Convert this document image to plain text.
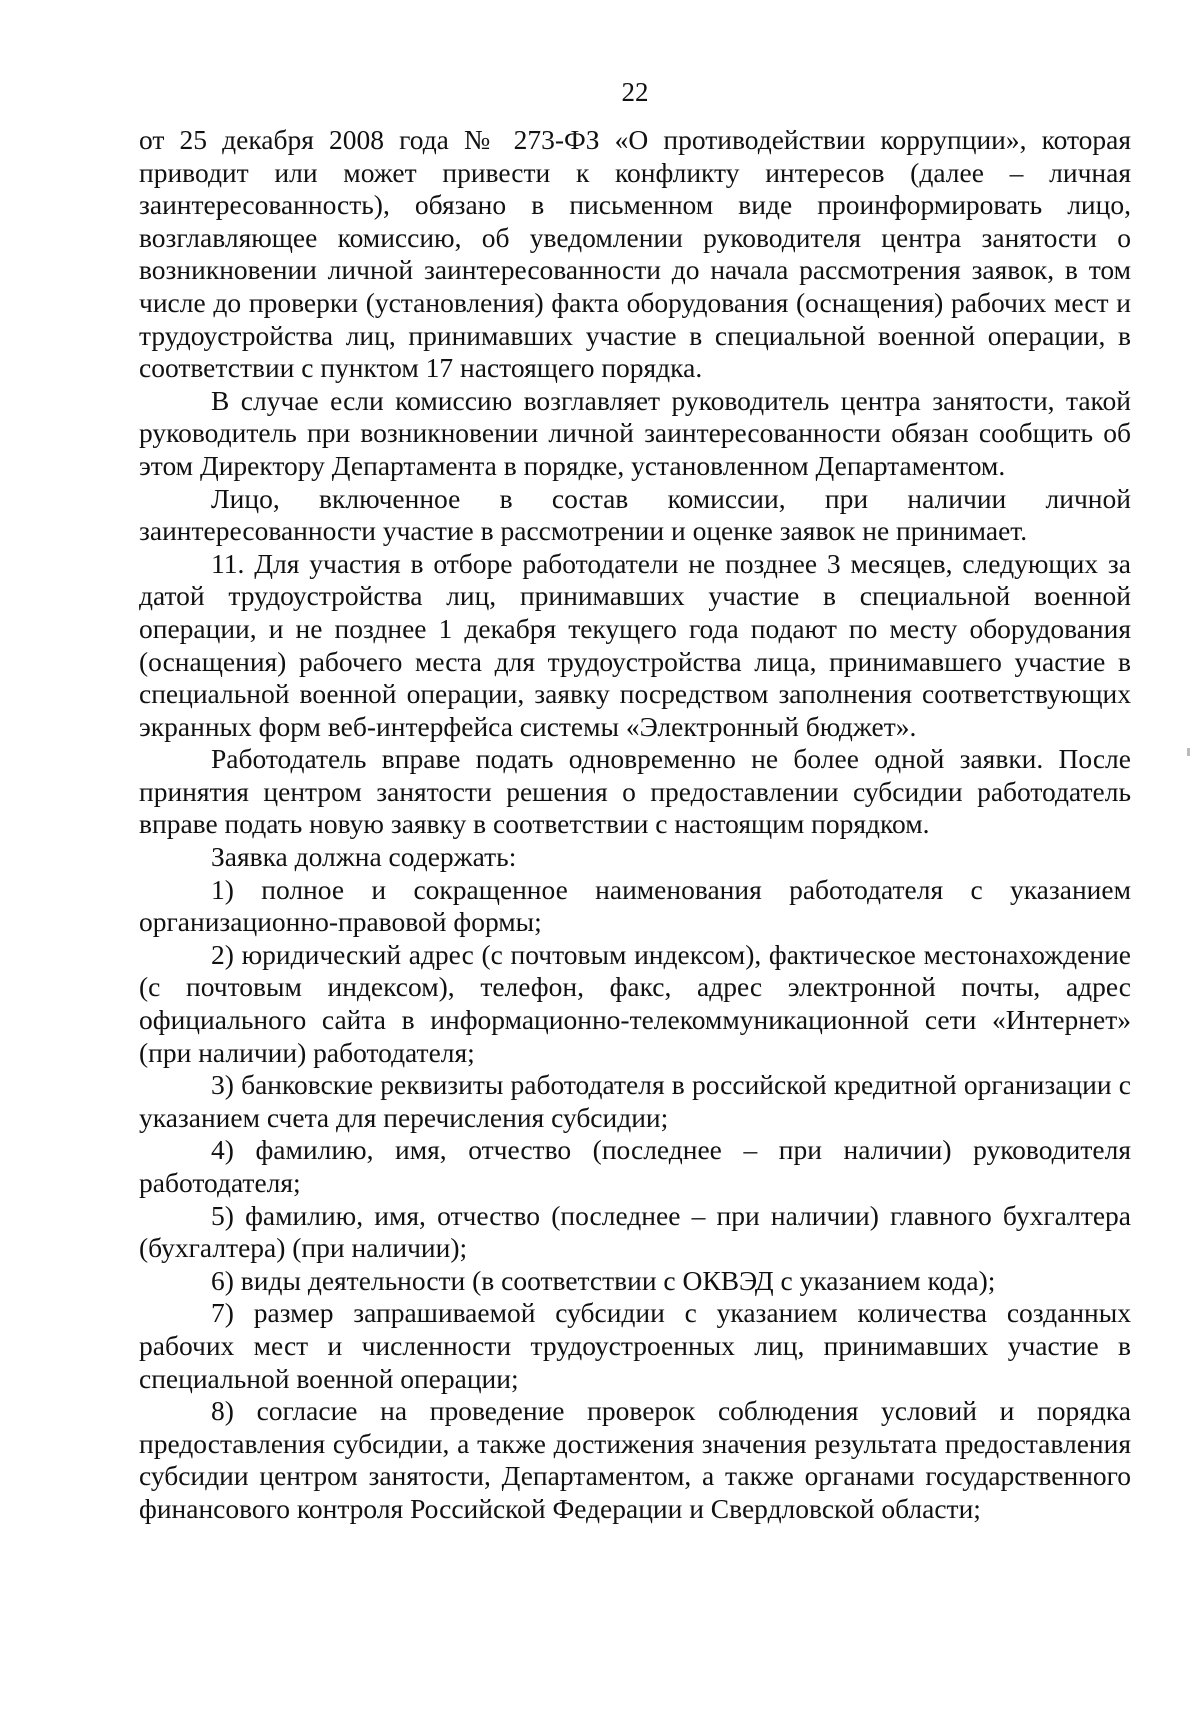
22

от 25 декабря 2008 года № 273-ФЗ «О противодействии коррупции», которая приводит или может привести к конфликту интересов (далее – личная заинтересованность), обязано в письменном виде проинформировать лицо, возглавляющее комиссию, об уведомлении руководителя центра занятости о возникновении личной заинтересованности до начала рассмотрения заявок, в том числе до проверки (установления) факта оборудования (оснащения) рабочих мест и трудоустройства лиц, принимавших участие в специальной военной операции, в соответствии с пунктом 17 настоящего порядка.

В случае если комиссию возглавляет руководитель центра занятости, такой руководитель при возникновении личной заинтересованности обязан сообщить об этом Директору Департамента в порядке, установленном Департаментом.

Лицо, включенное в состав комиссии, при наличии личной заинтересованности участие в рассмотрении и оценке заявок не принимает.

11. Для участия в отборе работодатели не позднее 3 месяцев, следующих за датой трудоустройства лиц, принимавших участие в специальной военной операции, и не позднее 1 декабря текущего года подают по месту оборудования (оснащения) рабочего места для трудоустройства лица, принимавшего участие в специальной военной операции, заявку посредством заполнения соответствующих экранных форм веб-интерфейса системы «Электронный бюджет».

Работодатель вправе подать одновременно не более одной заявки. После принятия центром занятости решения о предоставлении субсидии работодатель вправе подать новую заявку в соответствии с настоящим порядком.

Заявка должна содержать:

1) полное и сокращенное наименования работодателя с указанием организационно-правовой формы;

2) юридический адрес (с почтовым индексом), фактическое местонахождение (с почтовым индексом), телефон, факс, адрес электронной почты, адрес официального сайта в информационно-телекоммуникационной сети «Интернет» (при наличии) работодателя;

3) банковские реквизиты работодателя в российской кредитной организации с указанием счета для перечисления субсидии;

4) фамилию, имя, отчество (последнее – при наличии) руководителя работодателя;

5) фамилию, имя, отчество (последнее – при наличии) главного бухгалтера (бухгалтера) (при наличии);

6) виды деятельности (в соответствии с ОКВЭД с указанием кода);

7) размер запрашиваемой субсидии с указанием количества созданных рабочих мест и численности трудоустроенных лиц, принимавших участие в специальной военной операции;

8) согласие на проведение проверок соблюдения условий и порядка предоставления субсидии, а также достижения значения результата предоставления субсидии центром занятости, Департаментом, а также органами государственного финансового контроля Российской Федерации и Свердловской области;
